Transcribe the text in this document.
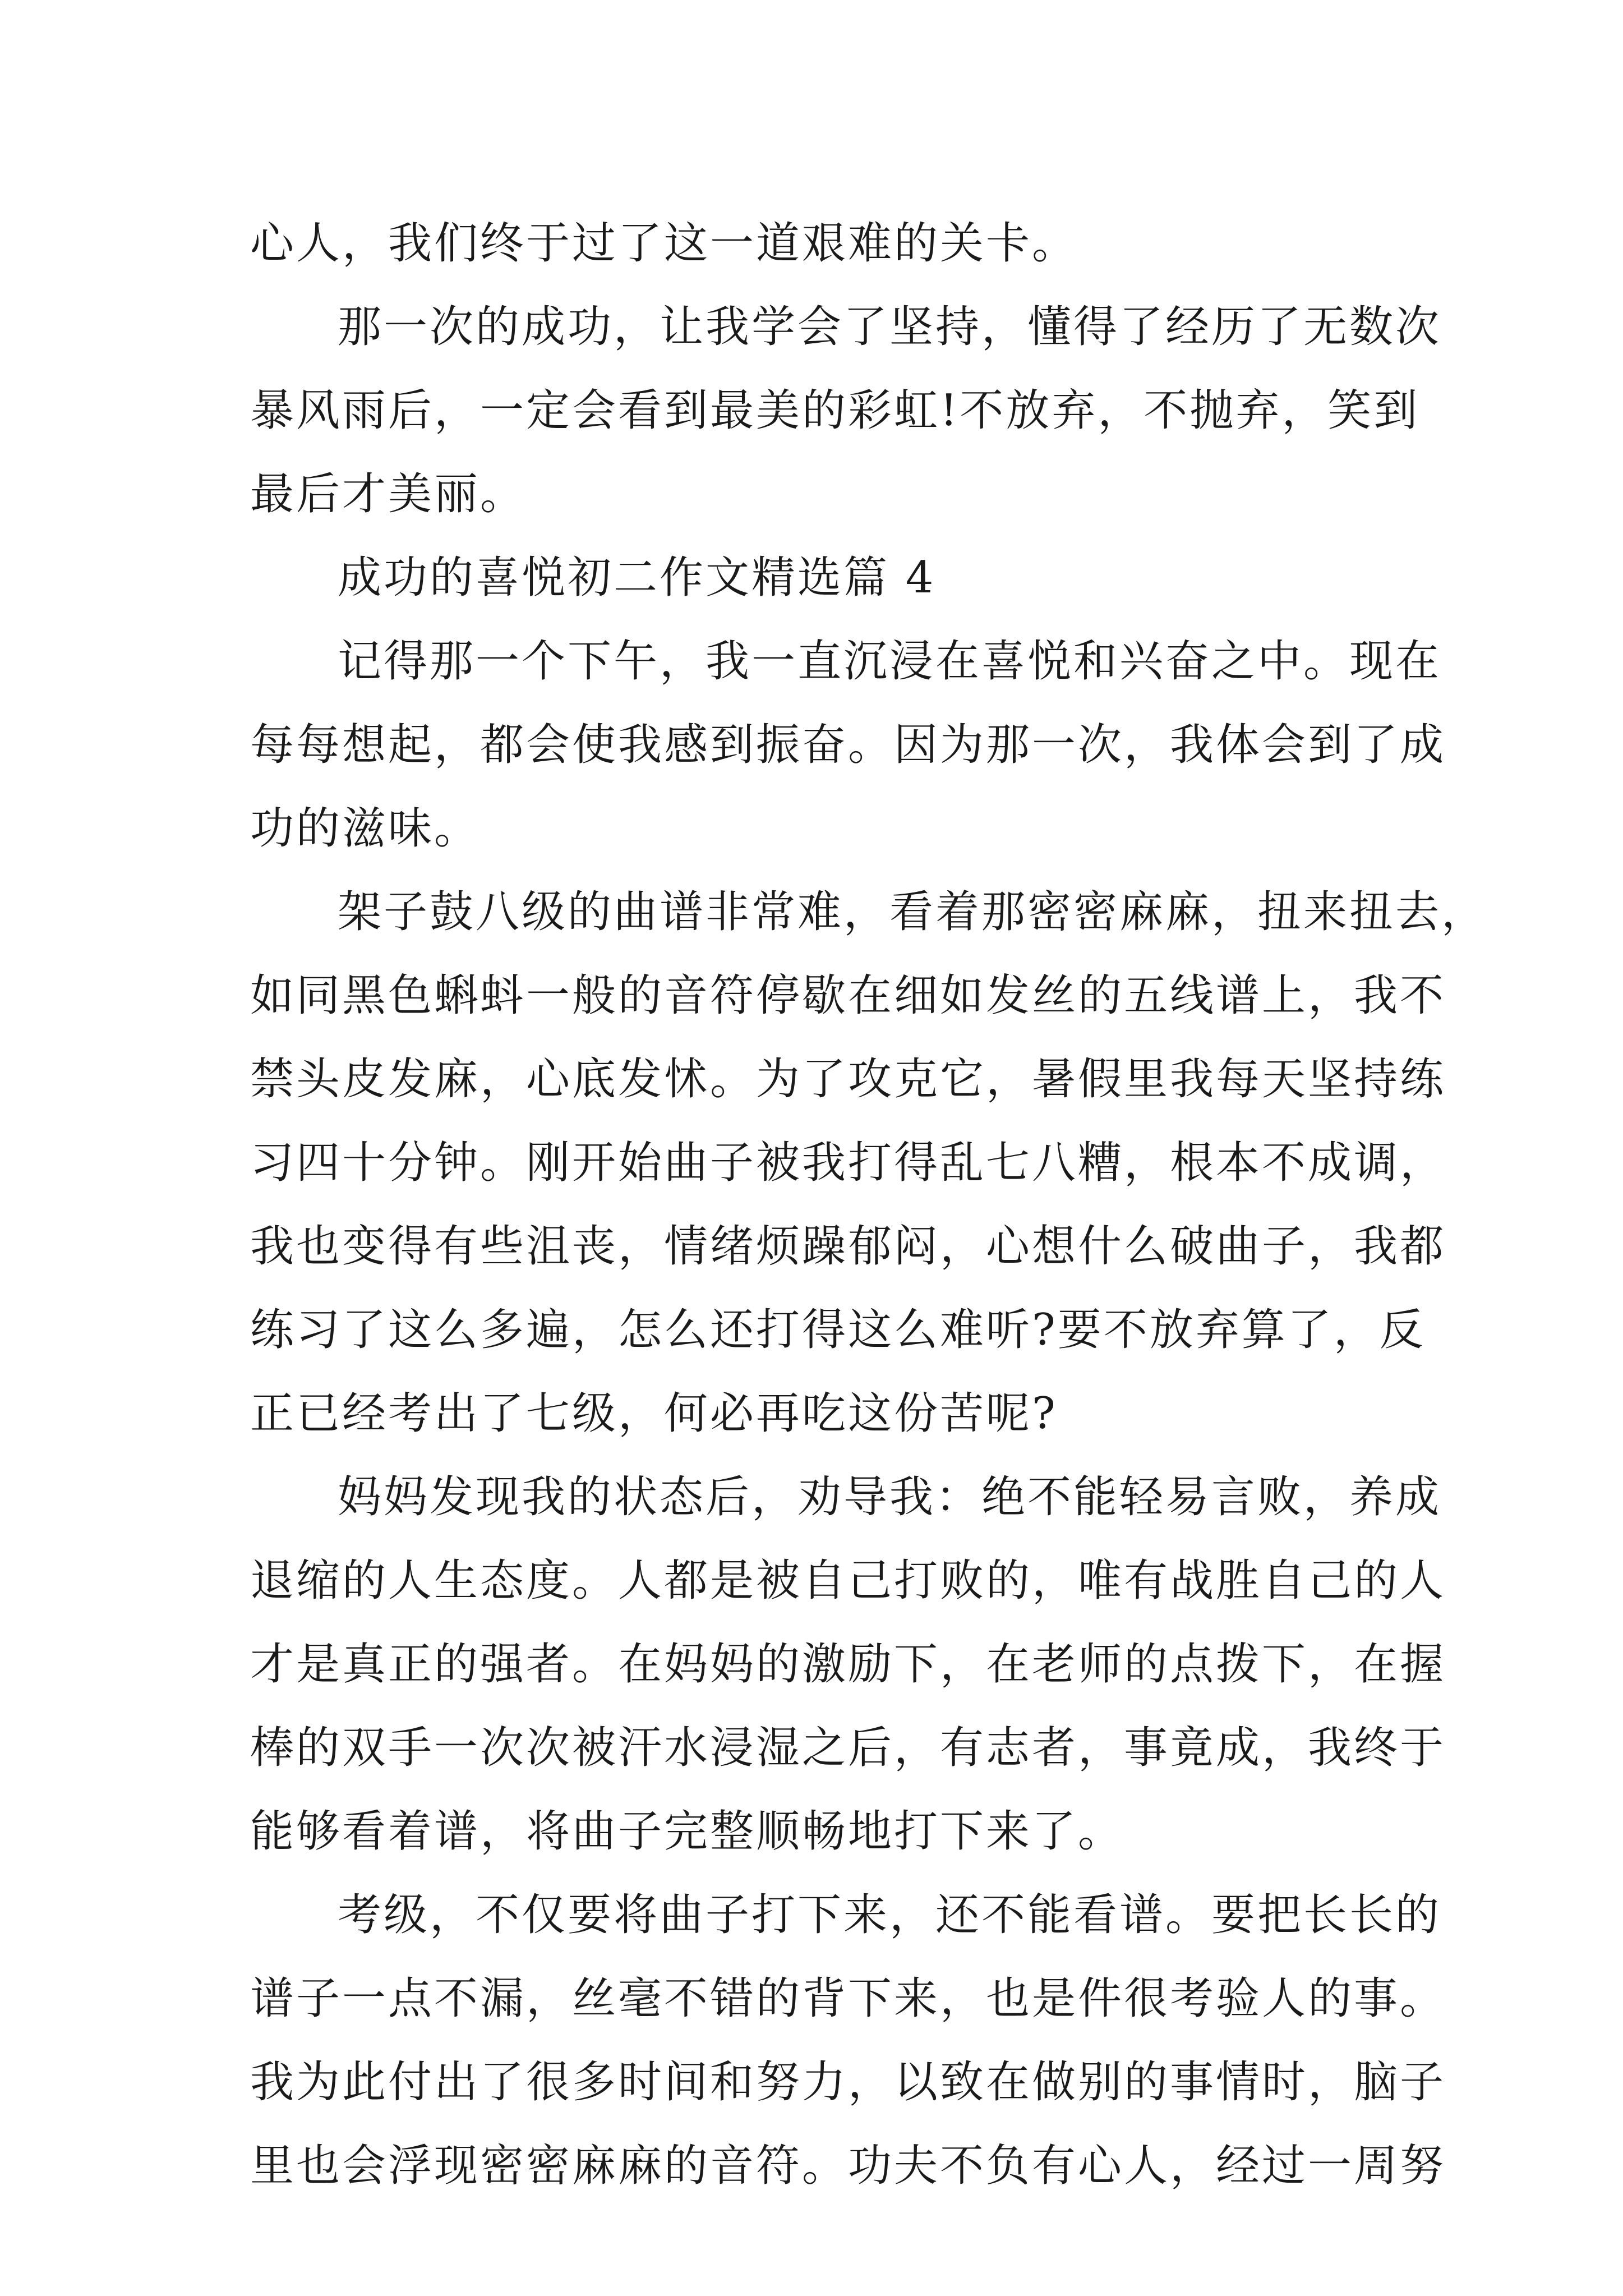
心人，我们终于过了这一道艰难的关卡。
那一次的成功，让我学会了坚持，懂得了经历了无数次
暴风雨后，一定会看到最美的彩虹!不放弃，不抛弃，笑到
最后才美丽。
成功的喜悦初二作文精选篇 4
记得那一个下午，我一直沉浸在喜悦和兴奋之中。现在
每每想起，都会使我感到振奋。因为那一次，我体会到了成
功的滋味。
架子鼓八级的曲谱非常难，看着那密密麻麻，扭来扭去，
如同黑色蝌蚪一般的音符停歇在细如发丝的五线谱上，我不
禁头皮发麻，心底发怵。为了攻克它，暑假里我每天坚持练
习四十分钟。刚开始曲子被我打得乱七八糟，根本不成调，
我也变得有些沮丧，情绪烦躁郁闷，心想什么破曲子，我都
练习了这么多遍，怎么还打得这么难听?要不放弃算了，反
正已经考出了七级，何必再吃这份苦呢?
妈妈发现我的状态后，劝导我：绝不能轻易言败，养成
退缩的人生态度。人都是被自己打败的，唯有战胜自己的人
才是真正的强者。在妈妈的激励下，在老师的点拨下，在握
棒的双手一次次被汗水浸湿之后，有志者，事竟成，我终于
能够看着谱，将曲子完整顺畅地打下来了。
考级，不仅要将曲子打下来，还不能看谱。要把长长的
谱子一点不漏，丝毫不错的背下来，也是件很考验人的事。
我为此付出了很多时间和努力，以致在做别的事情时，脑子
里也会浮现密密麻麻的音符。功夫不负有心人，经过一周努
